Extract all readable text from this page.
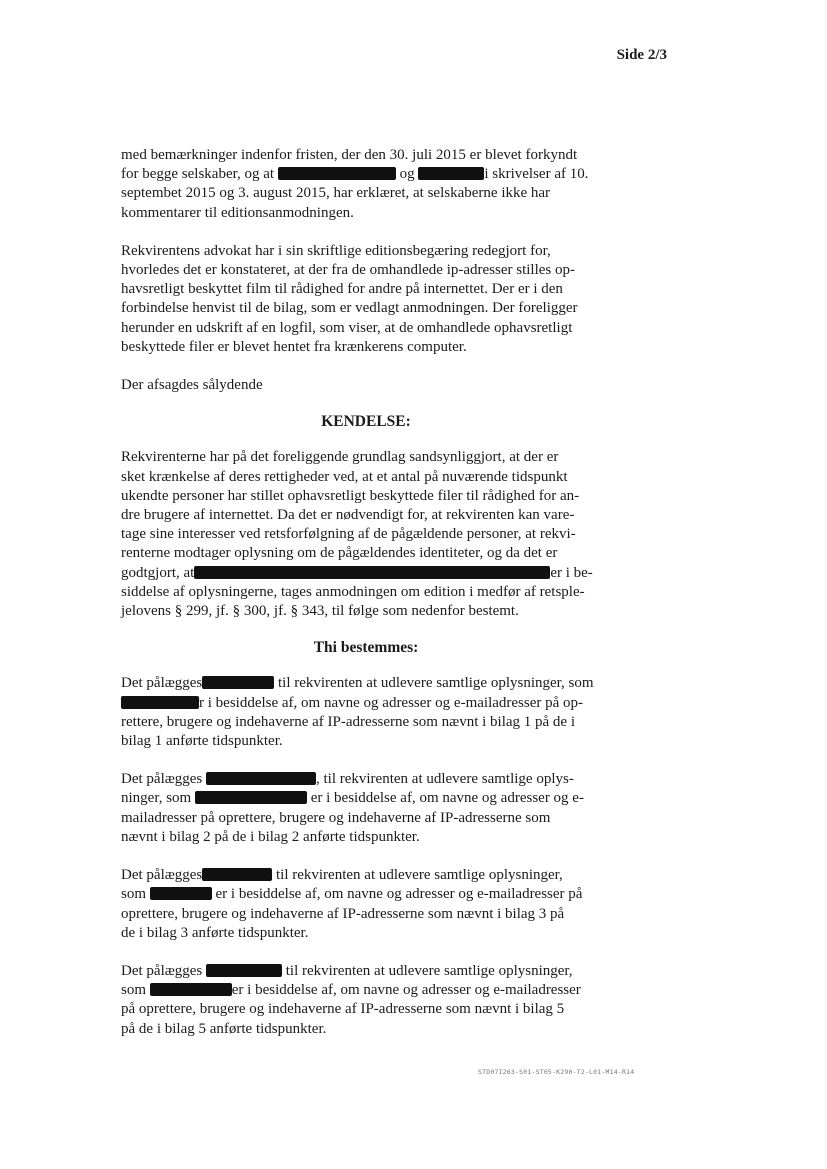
Side 2/3

med bemærkninger indenfor fristen, der den 30. juli 2015 er blevet forkyndt

for begge selskaber, og at	og	i skrivelser af 10.

septembet 2015 og 3. august 2015, har erklæret, at selskaberne ikke har

kommentarer til editionsanmodningen.

Rekvirentens advokat har i sin skriftlige editionsbegæring redegjort for,

hvorledes det er konstateret, at der fra de omhandlede ip-adresser stilles op-

havsretligt beskyttet film til rådighed for andre på internettet. Der er i den

forbindelse henvist til de bilag, som er vedlagt anmodningen. Der foreligger

herunder en udskrift af en logfil, som viser, at de omhandlede ophavsretligt

beskyttede filer er blevet hentet fra krænkerens computer.

Der afsagdes sålydende

KENDELSE:

Rekvirenterne har på det foreliggende grundlag sandsynliggjort, at der er

sket krænkelse af deres rettigheder ved, at et antal på nuværende tidspunkt

ukendte personer har stillet ophavsretligt beskyttede filer til rådighed for an-

dre brugere af internettet. Da det er nødvendigt for, at rekvirenten kan vare-

tage sine interesser ved retsforfølgning af de pågældende personer, at rekvi-

renterne modtager oplysning om de pågældendes identiteter, og da det er

godtgjort, at	er i be-

siddelse af oplysningerne, tages anmodningen om edition i medfør af retsple-

jelovens § 299, jf. § 300, jf. § 343, til følge som nedenfor bestemt.

Thi bestemmes:

Det pålægges	til rekvirenten at udlevere samtlige oplysninger, som

r i besiddelse af, om navne og adresser og e-mailadresser på op-

rettere, brugere og indehaverne af IP-adresserne som nævnt i bilag 1 på de i

bilag 1 anførte tidspunkter.

Det pålægges	, til rekvirenten at udlevere samtlige oplys-

ninger, som	er i besiddelse af, om navne og adresser og e-

mailadresser på oprettere, brugere og indehaverne af IP-adresserne som

nævnt i bilag 2 på de i bilag 2 anførte tidspunkter.

Det pålægges	til rekvirenten at udlevere samtlige oplysninger,

som	er i besiddelse af, om navne og adresser og e-mailadresser på

oprettere, brugere og indehaverne af IP-adresserne som nævnt i bilag 3 på

de i bilag 3 anførte tidspunkter.

Det pålægges	til rekvirenten at udlevere samtlige oplysninger,

som	er i besiddelse af, om navne og adresser og e-mailadresser

på oprettere, brugere og indehaverne af IP-adresserne som nævnt i bilag 5

på de i bilag 5 anførte tidspunkter.

STD07I263-S01-ST05-K290-T2-L01-M14-R14
